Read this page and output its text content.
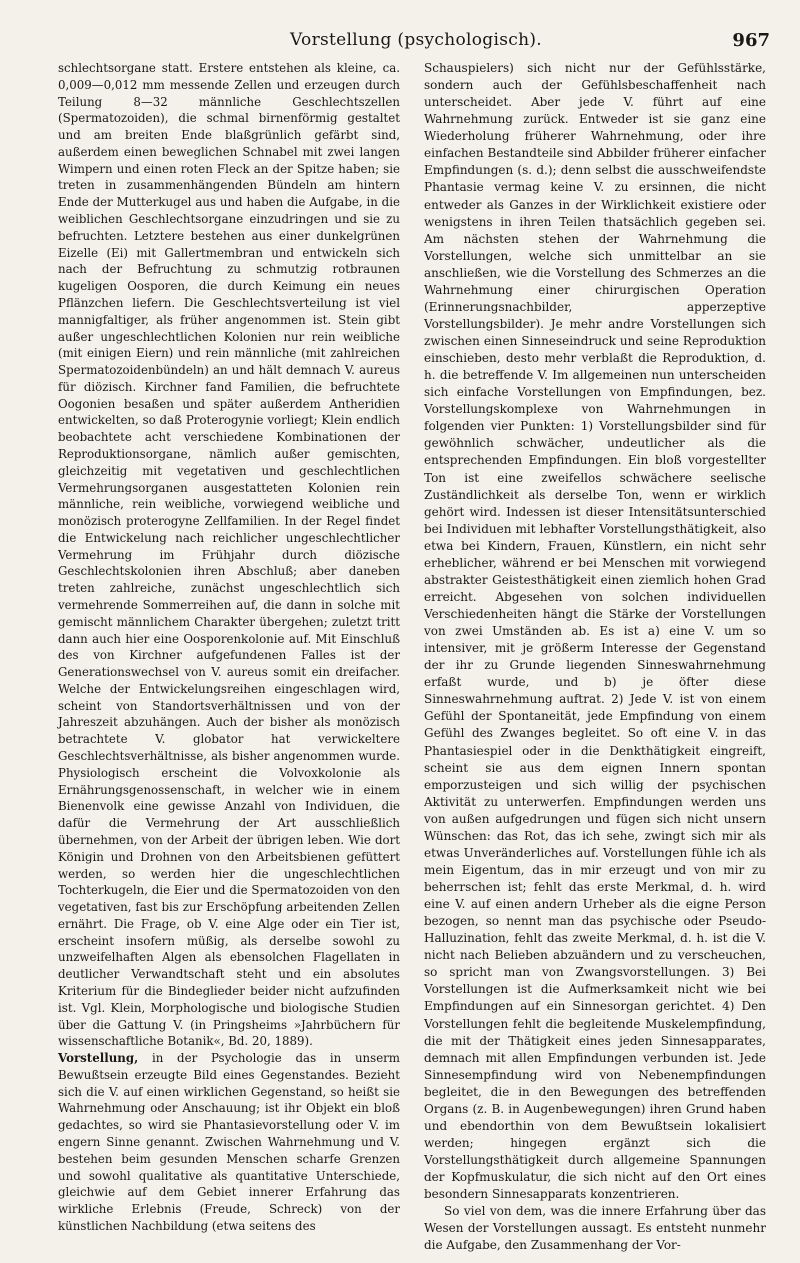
Vorstellung (psychologisch).	967

schlechtsorgane statt. Erstere entstehen als kleine, ca. 0,009—0,012 mm messende Zellen und erzeugen durch Teilung 8—32 männliche Geschlechtszellen (Spermatozoiden), die schmal birnenförmig gestaltet und am breiten Ende blaßgrünlich gefärbt sind, außerdem einen beweglichen Schnabel mit zwei langen Wimpern und einen roten Fleck an der Spitze haben; sie treten in zusammenhängenden Bündeln am hintern Ende der Mutterkugel aus und haben die Aufgabe, in die weiblichen Geschlechtsorgane einzudringen und sie zu befruchten. Letztere bestehen aus einer dunkelgrünen Eizelle (Ei) mit Gallertmembran und entwickeln sich nach der Befruchtung zu schmutzig rotbraunen kugeligen Oosporen, die durch Keimung ein neues Pflänzchen liefern. Die Geschlechtsverteilung ist viel mannigfaltiger, als früher angenommen ist. Stein gibt außer ungeschlechtlichen Kolonien nur rein weibliche (mit einigen Eiern) und rein männliche (mit zahlreichen Spermatozoidenbündeln) an und hält demnach V. aureus für diözisch. Kirchner fand Familien, die befruchtete Oogonien besaßen und später außerdem Antheridien entwickelten, so daß Proterogynie vorliegt; Klein endlich beobachtete acht verschiedene Kombinationen der Reproduktionsorgane, nämlich außer gemischten, gleichzeitig mit vegetativen und geschlechtlichen Vermehrungsorganen ausgestatteten Kolonien rein männliche, rein weibliche, vorwiegend weibliche und monözisch proterogyne Zellfamilien. In der Regel findet die Entwickelung nach reichlicher ungeschlechtlicher Vermehrung im Frühjahr durch diözische Geschlechtskolonien ihren Abschluß; aber daneben treten zahlreiche, zunächst ungeschlechtlich sich vermehrende Sommerreihen auf, die dann in solche mit gemischt männlichem Charakter übergehen; zuletzt tritt dann auch hier eine Oosporenkolonie auf. Mit Einschluß des von Kirchner aufgefundenen Falles ist der Generationswechsel von V. aureus somit ein dreifacher. Welche der Entwickelungsreihen eingeschlagen wird, scheint von Standortsverhältnissen und von der Jahreszeit abzuhängen. Auch der bisher als monözisch betrachtete V. globator hat verwickeltere Geschlechtsverhältnisse, als bisher angenommen wurde. Physiologisch erscheint die Volvoxkolonie als Ernährungsgenossenschaft, in welcher wie in einem Bienenvolk eine gewisse Anzahl von Individuen, die dafür die Vermehrung der Art ausschließlich übernehmen, von der Arbeit der übrigen leben. Wie dort Königin und Drohnen von den Arbeitsbienen gefüttert werden, so werden hier die ungeschlechtlichen Tochterkugeln, die Eier und die Spermatozoiden von den vegetativen, fast bis zur Erschöpfung arbeitenden Zellen ernährt. Die Frage, ob V. eine Alge oder ein Tier ist, erscheint insofern müßig, als derselbe sowohl zu unzweifelhaften Algen als ebensolchen Flagellaten in deutlicher Verwandtschaft steht und ein absolutes Kriterium für die Bindeglieder beider nicht aufzufinden ist. Vgl. Klein, Morphologische und biologische Studien über die Gattung V. (in Pringsheims »Jahrbüchern für wissenschaftliche Botanik«, Bd. 20, 1889).

Vorstellung, in der Psychologie das in unserm Bewußtsein erzeugte Bild eines Gegenstandes. Bezieht sich die V. auf einen wirklichen Gegenstand, so heißt sie Wahrnehmung oder Anschauung; ist ihr Objekt ein bloß gedachtes, so wird sie Phantasievorstellung oder V. im engern Sinne genannt. Zwischen Wahrnehmung und V. bestehen beim gesunden Menschen scharfe Grenzen und sowohl qualitative als quantitative Unterschiede, gleichwie auf dem Gebiet innerer Erfahrung das wirkliche Erlebnis (Freude, Schreck) von der künstlichen Nachbildung (etwa seitens des

Schauspielers) sich nicht nur der Gefühlsstärke, sondern auch der Gefühlsbeschaffenheit nach unterscheidet. Aber jede V. führt auf eine Wahrnehmung zurück. Entweder ist sie ganz eine Wiederholung früherer Wahrnehmung, oder ihre einfachen Bestandteile sind Abbilder früherer einfacher Empfindungen (s. d.); denn selbst die ausschweifendste Phantasie vermag keine V. zu ersinnen, die nicht entweder als Ganzes in der Wirklichkeit existiere oder wenigstens in ihren Teilen thatsächlich gegeben sei. Am nächsten stehen der Wahrnehmung die Vorstellungen, welche sich unmittelbar an sie anschließen, wie die Vorstellung des Schmerzes an die Wahrnehmung einer chirurgischen Operation (Erinnerungsnachbilder, apperzeptive Vorstellungsbilder). Je mehr andre Vorstellungen sich zwischen einen Sinneseindruck und seine Reproduktion einschieben, desto mehr verblaßt die Reproduktion, d. h. die betreffende V. Im allgemeinen nun unterscheiden sich einfache Vorstellungen von Empfindungen, bez. Vorstellungskomplexe von Wahrnehmungen in folgenden vier Punkten: 1) Vorstellungsbilder sind für gewöhnlich schwächer, undeutlicher als die entsprechenden Empfindungen. Ein bloß vorgestellter Ton ist eine zweifellos schwächere seelische Zuständlichkeit als derselbe Ton, wenn er wirklich gehört wird. Indessen ist dieser Intensitätsunterschied bei Individuen mit lebhafter Vorstellungsthätigkeit, also etwa bei Kindern, Frauen, Künstlern, ein nicht sehr erheblicher, während er bei Menschen mit vorwiegend abstrakter Geistesthätigkeit einen ziemlich hohen Grad erreicht. Abgesehen von solchen individuellen Verschiedenheiten hängt die Stärke der Vorstellungen von zwei Umständen ab. Es ist a) eine V. um so intensiver, mit je größerm Interesse der Gegenstand der ihr zu Grunde liegenden Sinneswahrnehmung erfaßt wurde, und b) je öfter diese Sinneswahrnehmung auftrat. 2) Jede V. ist von einem Gefühl der Spontaneität, jede Empfindung von einem Gefühl des Zwanges begleitet. So oft eine V. in das Phantasiespiel oder in die Denkthätigkeit eingreift, scheint sie aus dem eignen Innern spontan emporzusteigen und sich willig der psychischen Aktivität zu unterwerfen. Empfindungen werden uns von außen aufgedrungen und fügen sich nicht unsern Wünschen: das Rot, das ich sehe, zwingt sich mir als etwas Unveränderliches auf. Vorstellungen fühle ich als mein Eigentum, das in mir erzeugt und von mir zu beherrschen ist; fehlt das erste Merkmal, d. h. wird eine V. auf einen andern Urheber als die eigne Person bezogen, so nennt man das psychische oder Pseudo-Halluzination, fehlt das zweite Merkmal, d. h. ist die V. nicht nach Belieben abzuändern und zu verscheuchen, so spricht man von Zwangsvorstellungen. 3) Bei Vorstellungen ist die Aufmerksamkeit nicht wie bei Empfindungen auf ein Sinnesorgan gerichtet. 4) Den Vorstellungen fehlt die begleitende Muskelempfindung, die mit der Thätigkeit eines jeden Sinnesapparates, demnach mit allen Empfindungen verbunden ist. Jede Sinnesempfindung wird von Nebenempfindungen begleitet, die in den Bewegungen des betreffenden Organs (z. B. in Augenbewegungen) ihren Grund haben und ebendorthin von dem Bewußtsein lokalisiert werden; hingegen ergänzt sich die Vorstellungsthätigkeit durch allgemeine Spannungen der Kopfmuskulatur, die sich nicht auf den Ort eines besondern Sinnesapparats konzentrieren.

So viel von dem, was die innere Erfahrung über das Wesen der Vorstellungen aussagt. Es entsteht nunmehr die Aufgabe, den Zusammenhang der Vor-
